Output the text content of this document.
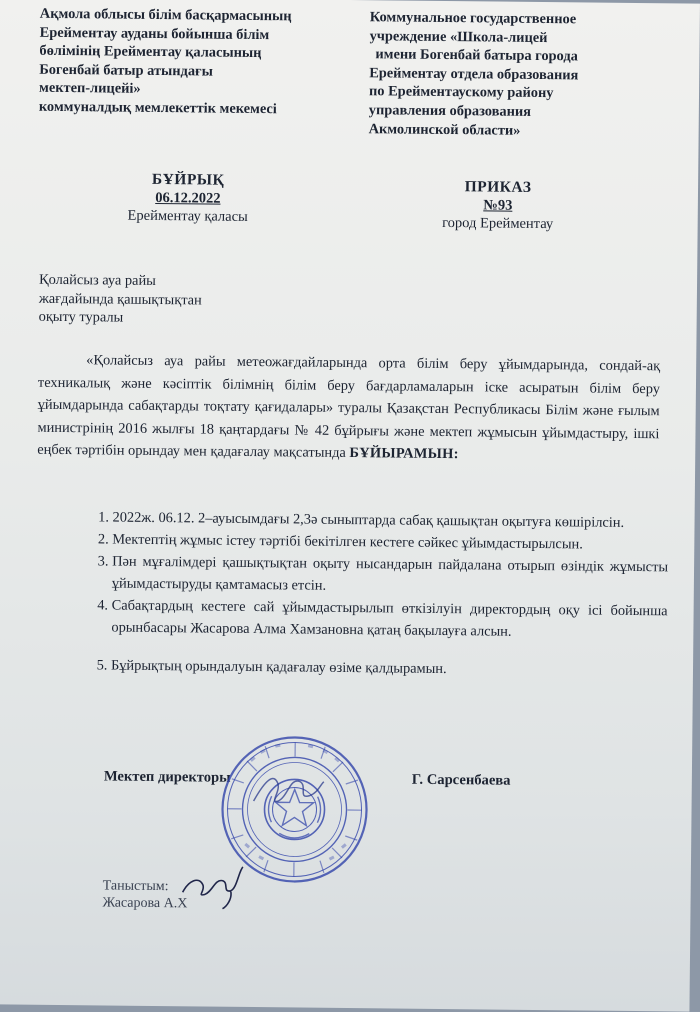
Ақмола облысы білім басқармасының
Ерейментау ауданы бойынша білім
бөлімінің Ерейментау қаласының
Богенбай батыр атындағы
мектеп-лицейі»
коммуналдық мемлекеттік мекемесі
Коммунальное государственное
учреждение «Школа-лицей
имени Богенбай батыра города
Ерейментау отдела образования
по Ерейментаускому району
управления образования
Акмолинской области»
БҰЙРЫҚ
06.12.2022
Ерейментау қаласы
ПРИКАЗ
№93
город Ерейментау
Қолайсыз ауа райы
жағдайында қашықтықтан
оқыту туралы
«Қолайсыз ауа райы метеожағдайларында орта білім беру ұйымдарында, сондай-ақ техникалық және кәсіптік білімнің білім беру бағдарламаларын іске асыратын білім беру ұйымдарында сабақтарды тоқтату қағидалары» туралы Қазақстан Республикасы Білім және ғылым министрінің 2016 жылғы 18 қаңтардағы № 42 бұйрығы және мектеп жұмысын ұйымдастыру, ішкі еңбек тәртібін орындау мен қадағалау мақсатында БҰЙЫРАМЫН:
1. 2022ж. 06.12. 2–ауысымдағы 2,3ә сыныптарда сабақ қашықтан оқытуға көшірілсін.
2. Мектептің жұмыс істеу тәртібі бекітілген кестеге сәйкес ұйымдастырылсын.
3. Пән мұғалімдері қашықтықтан оқыту нысандарын пайдалана отырып өзіндік жұмысты ұйымдастыруды қамтамасыз етсін.
4. Сабақтардың кестеге сай ұйымдастырылып өткізілуін директордың оқу ісі бойынша орынбасары Жасарова Алма Хамзановна қатаң бақылауға алсын.
5. Бұйрықтың орындалуын қадағалау өзіме қалдырамын.
Мектеп директоры	Г. Сарсенбаева
Таныстым:
Жасарова А.Х
